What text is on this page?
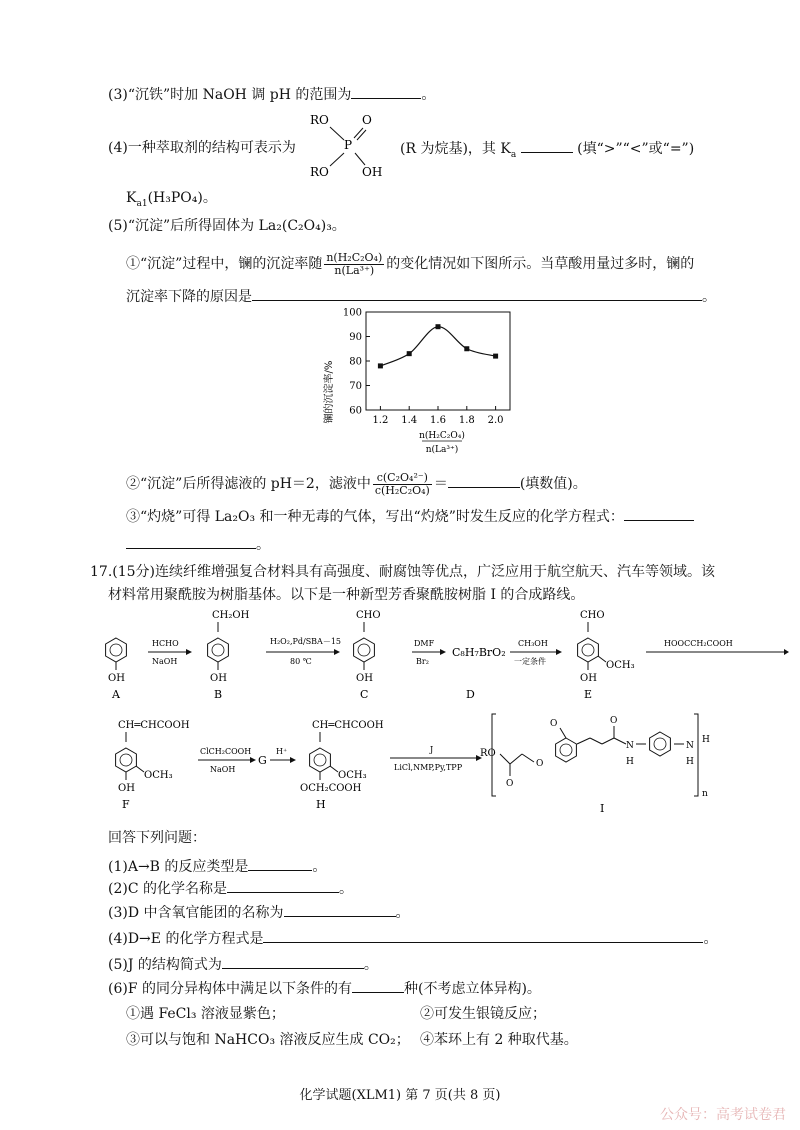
(3)“沉铁”时加 NaOH 调 pH 的范围为	。
(4)一种萃取剂的结构可表示为
RO	O
P
RO	OH
(R 为烷基)，其 $K_a$	(填“>”“<”或“=”)
$K_{a1}(H_3PO_4)$。
(5)“沉淀”后所得固体为 La₂(C₂O₄)₃。
①“沉淀”过程中，镧的沉淀率随 $\frac{\text{n(H₂C₂O₄)}}{\text{n(La³⁺)}}$ 的变化情况如下图所示。当草酸用量过多时，镧的
沉淀率下降的原因是	。
60
70
80
90
100
1.2 1.4 1.6 1.8 2.0
镧的沉淀率/%
n(H₂C₂O₄)
n(La³⁺)
②“沉淀”后所得滤液的 pH＝2，滤液中 $\frac{\text{c(C₂O₄²⁻)}}{\text{c(H₂C₂O₄)}}$ ＝	(填数值)。
③“灼烧”可得 La₂O₃ 和一种无毒的气体，写出“灼烧”时发生反应的化学方程式：
。
17.(15分)连续纤维增强复合材料具有高强度、耐腐蚀等优点，广泛应用于航空航天、汽车等领域。该
材料常用聚酰胺为树脂基体。以下是一种新型芳香聚酰胺树脂 I 的合成路线。
OH
A
HCHO
NaOH
CH₂OH
OH
B
H₂O₂,Pd/SBA－15
80 ℃
CHO
OH
C
DMF
Br₂
C₈H₇BrO₂
D
CH₃OH
一定条件
CHO
OCH₃
OH
E
HOOCCH₂COOH
CH═CHCOOH
OCH₃
OH
F
ClCH₂COOH
NaOH
G
H⁺
CH═CHCOOH
OCH₃
OCH₂COOH
H
J
LiCl,NMP,Py,TPP
RO
O
O
O	O
N
H
N
H
H
n
I
回答下列问题：
(1)A→B 的反应类型是	。
(2)C 的化学名称是	。
(3)D 中含氧官能团的名称为	。
(4)D→E 的化学方程式是	。
(5)J 的结构简式为	。
(6)F 的同分异构体中满足以下条件的有	种(不考虑立体异构)。
①遇 FeCl₃ 溶液显紫色；	②可发生银镜反应；
③可以与饱和 NaHCO₃ 溶液反应生成 CO₂； ④苯环上有 2 种取代基。
化学试题(XLM1) 第 7 页(共 8 页)
公众号：高考试卷君
